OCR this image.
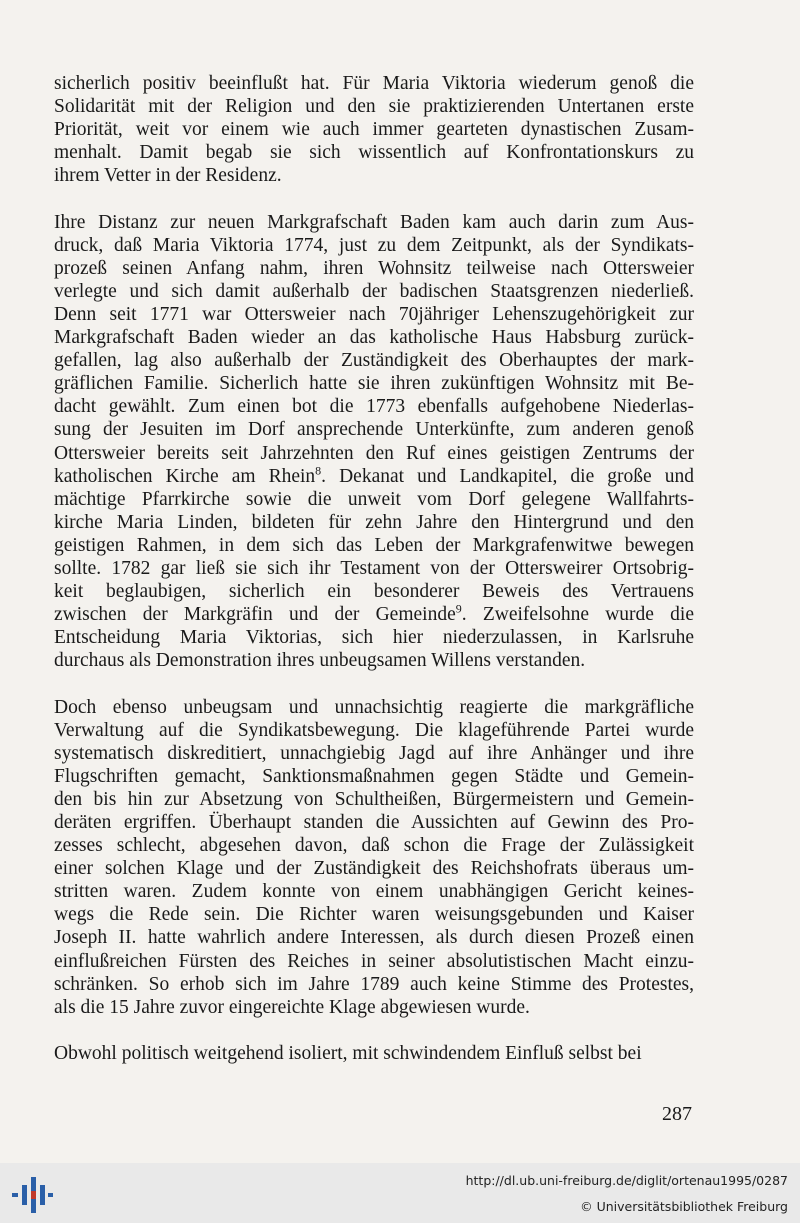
sicherlich positiv beeinflußt hat. Für Maria Viktoria wiederum genoß die
Solidarität mit der Religion und den sie praktizierenden Untertanen erste
Priorität, weit vor einem wie auch immer gearteten dynastischen Zusam-
menhalt. Damit begab sie sich wissentlich auf Konfrontationskurs zu
ihrem Vetter in der Residenz.
Ihre Distanz zur neuen Markgrafschaft Baden kam auch darin zum Aus-
druck, daß Maria Viktoria 1774, just zu dem Zeitpunkt, als der Syndikats-
prozeß seinen Anfang nahm, ihren Wohnsitz teilweise nach Ottersweier
verlegte und sich damit außerhalb der badischen Staatsgrenzen niederließ.
Denn seit 1771 war Ottersweier nach 70jähriger Lehenszugehörigkeit zur
Markgrafschaft Baden wieder an das katholische Haus Habsburg zurück-
gefallen, lag also außerhalb der Zuständigkeit des Oberhauptes der mark-
gräflichen Familie. Sicherlich hatte sie ihren zukünftigen Wohnsitz mit Be-
dacht gewählt. Zum einen bot die 1773 ebenfalls aufgehobene Niederlas-
sung der Jesuiten im Dorf ansprechende Unterkünfte, zum anderen genoß
Ottersweier bereits seit Jahrzehnten den Ruf eines geistigen Zentrums der
katholischen Kirche am Rhein$^8$. Dekanat und Landkapitel, die große und
mächtige Pfarrkirche sowie die unweit vom Dorf gelegene Wallfahrts-
kirche Maria Linden, bildeten für zehn Jahre den Hintergrund und den
geistigen Rahmen, in dem sich das Leben der Markgrafenwitwe bewegen
sollte. 1782 gar ließ sie sich ihr Testament von der Ottersweirer Ortsobrig-
keit beglaubigen, sicherlich ein besonderer Beweis des Vertrauens
zwischen der Markgräfin und der Gemeinde$^9$. Zweifelsohne wurde die
Entscheidung Maria Viktorias, sich hier niederzulassen, in Karlsruhe
durchaus als Demonstration ihres unbeugsamen Willens verstanden.
Doch ebenso unbeugsam und unnachsichtig reagierte die markgräfliche
Verwaltung auf die Syndikatsbewegung. Die klageführende Partei wurde
systematisch diskreditiert, unnachgiebig Jagd auf ihre Anhänger und ihre
Flugschriften gemacht, Sanktionsmaßnahmen gegen Städte und Gemein-
den bis hin zur Absetzung von Schultheißen, Bürgermeistern und Gemein-
deräten ergriffen. Überhaupt standen die Aussichten auf Gewinn des Pro-
zesses schlecht, abgesehen davon, daß schon die Frage der Zulässigkeit
einer solchen Klage und der Zuständigkeit des Reichshofrats überaus um-
stritten waren. Zudem konnte von einem unabhängigen Gericht keines-
wegs die Rede sein. Die Richter waren weisungsgebunden und Kaiser
Joseph II. hatte wahrlich andere Interessen, als durch diesen Prozeß einen
einflußreichen Fürsten des Reiches in seiner absolutistischen Macht einzu-
schränken. So erhob sich im Jahre 1789 auch keine Stimme des Protestes,
als die 15 Jahre zuvor eingereichte Klage abgewiesen wurde.
Obwohl politisch weitgehend isoliert, mit schwindendem Einfluß selbst bei
287
http://dl.ub.uni-freiburg.de/diglit/ortenau1995/0287
© Universitätsbibliothek Freiburg
